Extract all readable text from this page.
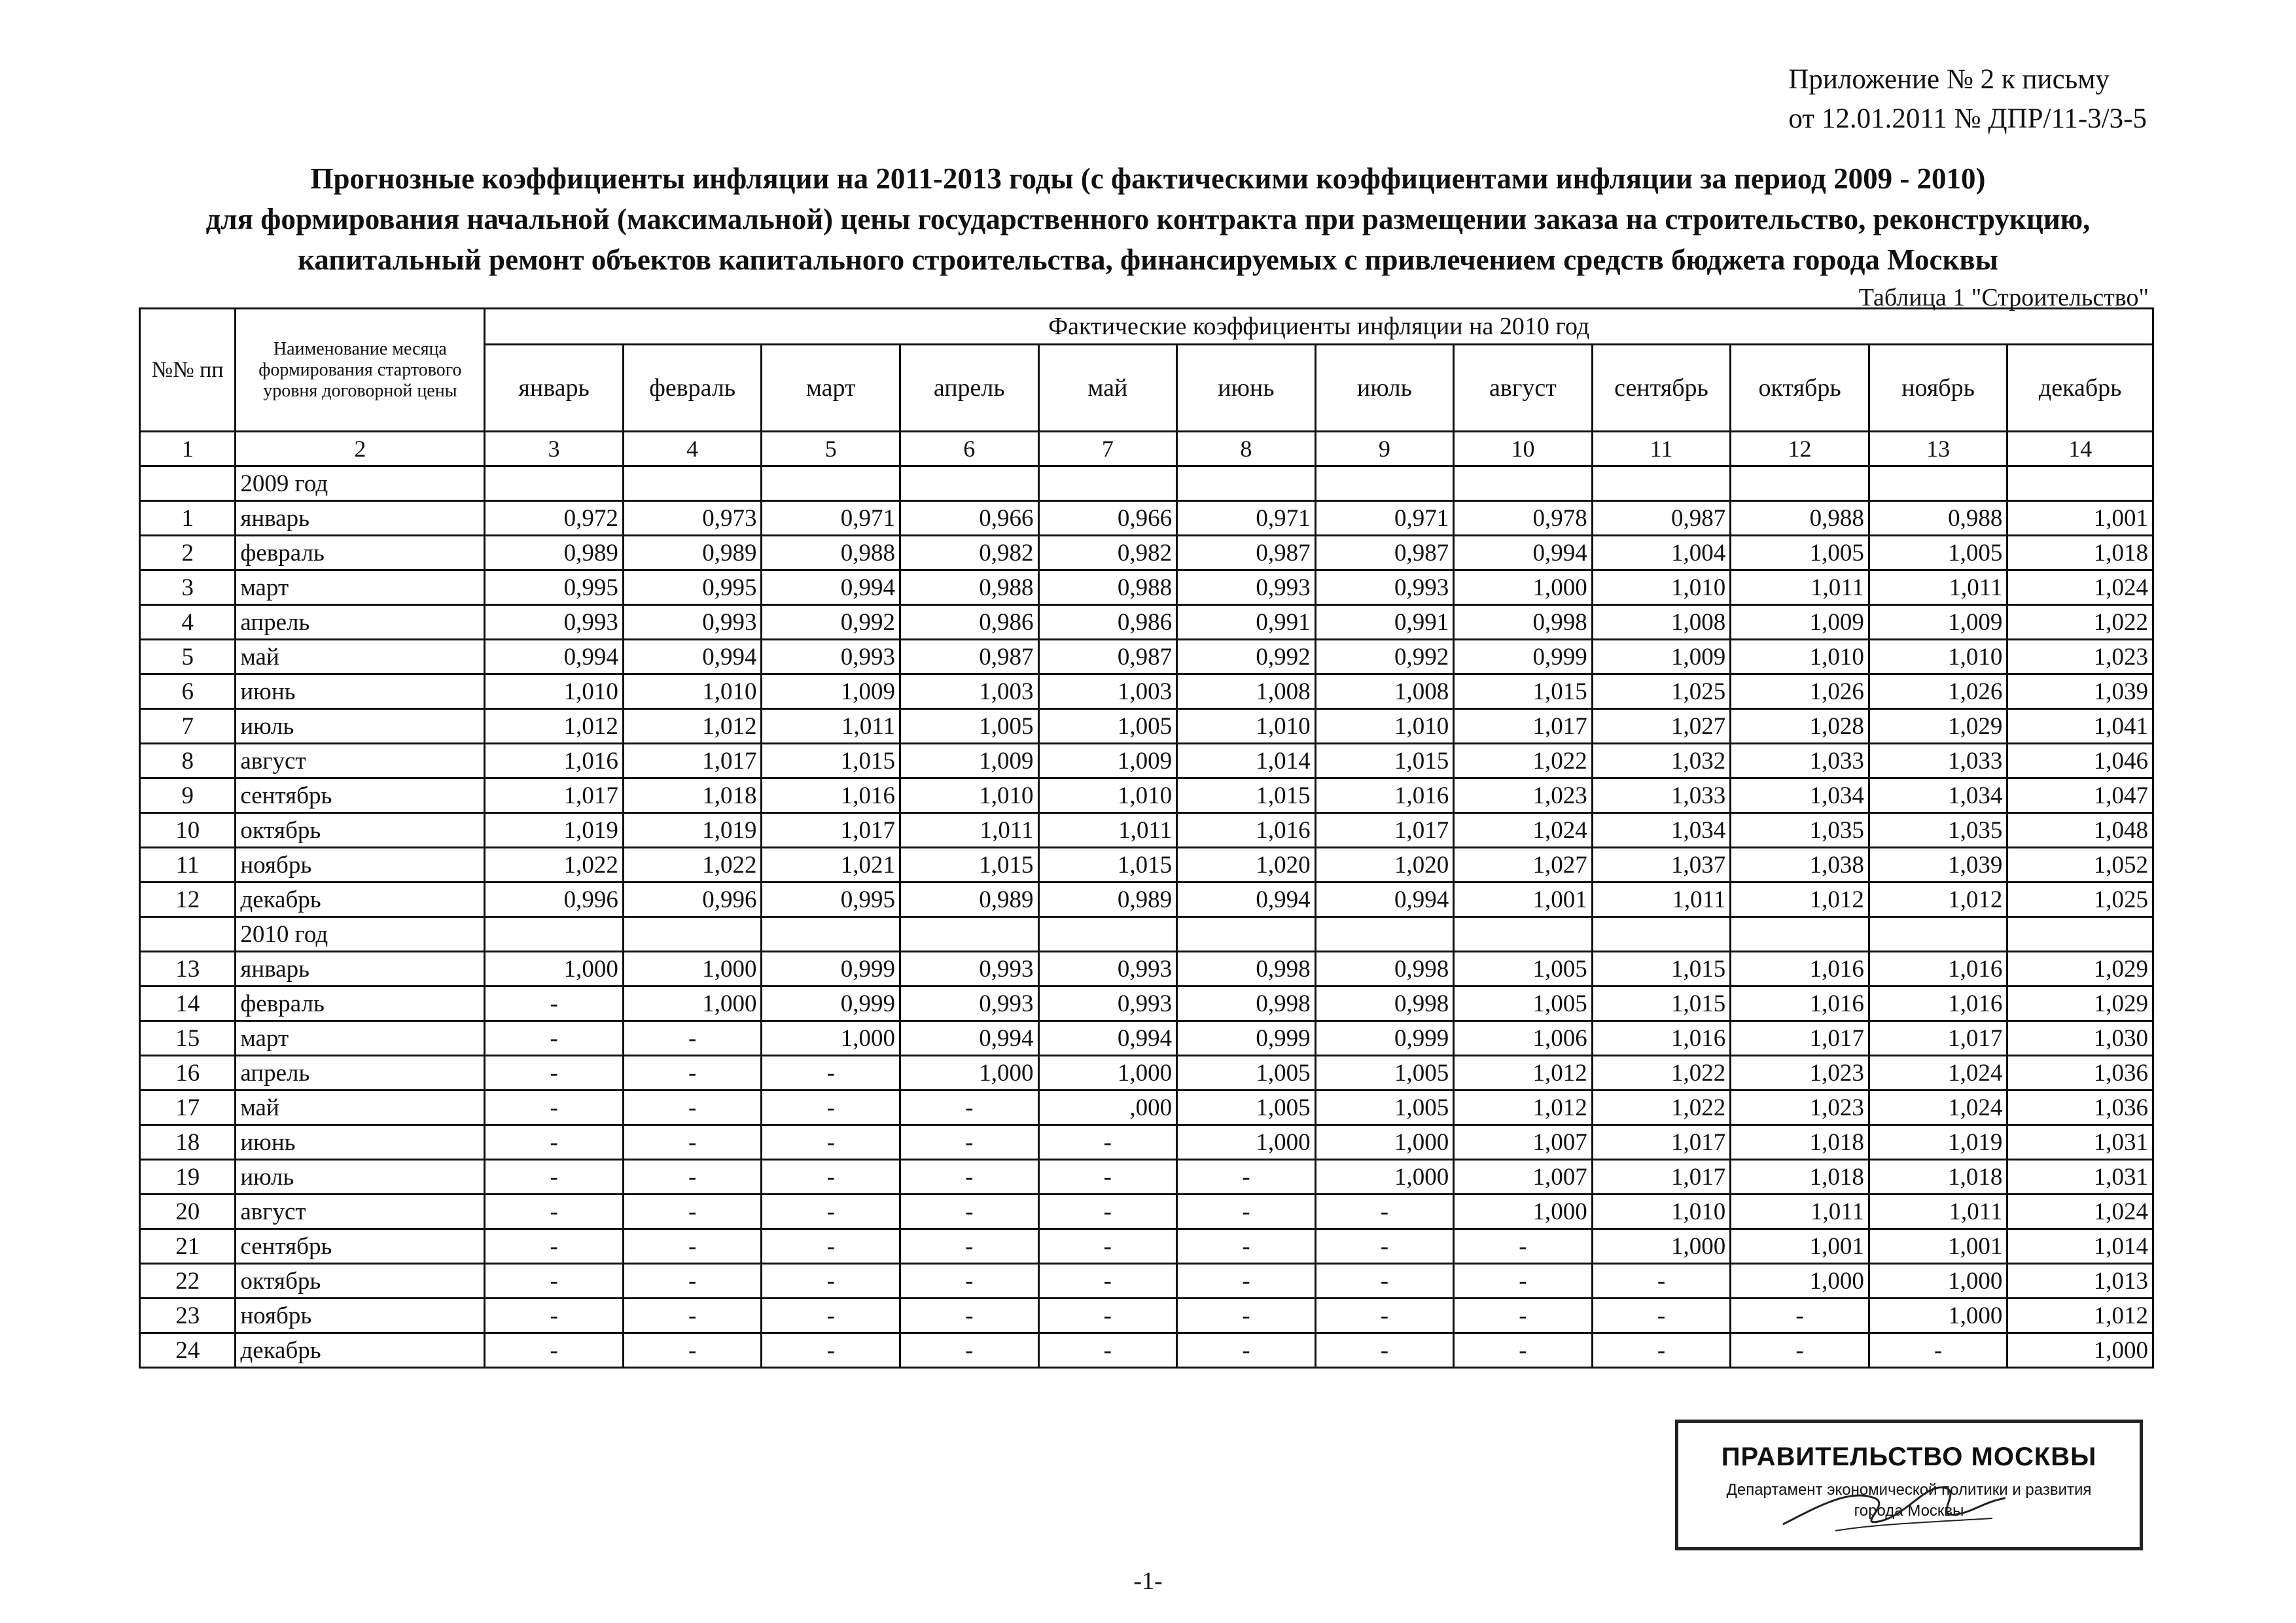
Приложение № 2 к письму
от 12.01.2011 № ДПР/11-3/3-5
Прогнозные коэффициенты инфляции на 2011-2013 годы (с фактическими коэффициентами инфляции за период 2009 - 2010)
для формирования начальной (максимальной) цены государственного контракта при размещении заказа на строительство, реконструкцию,
капитальный ремонт объектов капитального строительства, финансируемых с привлечением средств бюджета города Москвы
Таблица 1 "Строительство"
№№ пп	Наименование месяца формирования стартового уровня договорной цены	Фактические коэффициенты инфляции на 2010 год											
		январь	февраль	март	апрель	май	июнь	июль	август	сентябрь	октябрь	ноябрь	декабрь
1	2	3	4	5	6	7	8	9	10	11	12	13	14
	2009 год												
1	январь	0,972	0,973	0,971	0,966	0,966	0,971	0,971	0,978	0,987	0,988	0,988	1,001
2	февраль	0,989	0,989	0,988	0,982	0,982	0,987	0,987	0,994	1,004	1,005	1,005	1,018
3	март	0,995	0,995	0,994	0,988	0,988	0,993	0,993	1,000	1,010	1,011	1,011	1,024
4	апрель	0,993	0,993	0,992	0,986	0,986	0,991	0,991	0,998	1,008	1,009	1,009	1,022
5	май	0,994	0,994	0,993	0,987	0,987	0,992	0,992	0,999	1,009	1,010	1,010	1,023
6	июнь	1,010	1,010	1,009	1,003	1,003	1,008	1,008	1,015	1,025	1,026	1,026	1,039
7	июль	1,012	1,012	1,011	1,005	1,005	1,010	1,010	1,017	1,027	1,028	1,029	1,041
8	август	1,016	1,017	1,015	1,009	1,009	1,014	1,015	1,022	1,032	1,033	1,033	1,046
9	сентябрь	1,017	1,018	1,016	1,010	1,010	1,015	1,016	1,023	1,033	1,034	1,034	1,047
10	октябрь	1,019	1,019	1,017	1,011	1,011	1,016	1,017	1,024	1,034	1,035	1,035	1,048
11	ноябрь	1,022	1,022	1,021	1,015	1,015	1,020	1,020	1,027	1,037	1,038	1,039	1,052
12	декабрь	0,996	0,996	0,995	0,989	0,989	0,994	0,994	1,001	1,011	1,012	1,012	1,025
	2010 год												
13	январь	1,000	1,000	0,999	0,993	0,993	0,998	0,998	1,005	1,015	1,016	1,016	1,029
14	февраль	-	1,000	0,999	0,993	0,993	0,998	0,998	1,005	1,015	1,016	1,016	1,029
15	март	-	-	1,000	0,994	0,994	0,999	0,999	1,006	1,016	1,017	1,017	1,030
16	апрель	-	-	-	1,000	1,000	1,005	1,005	1,012	1,022	1,023	1,024	1,036
17	май	-	-	-	-	,000	1,005	1,005	1,012	1,022	1,023	1,024	1,036
18	июнь	-	-	-	-	-	1,000	1,000	1,007	1,017	1,018	1,019	1,031
19	июль	-	-	-	-	-	-	1,000	1,007	1,017	1,018	1,018	1,031
20	август	-	-	-	-	-	-	-	1,000	1,010	1,011	1,011	1,024
21	сентябрь	-	-	-	-	-	-	-	-	1,000	1,001	1,001	1,014
22	октябрь	-	-	-	-	-	-	-	-	-	1,000	1,000	1,013
23	ноябрь	-	-	-	-	-	-	-	-	-	-	1,000	1,012
24	декабрь	-	-	-	-	-	-	-	-	-	-	-	1,000
ПРАВИТЕЛЬСТВО МОСКВЫ
Департамент экономической политики и развития
города Москвы
-1-
